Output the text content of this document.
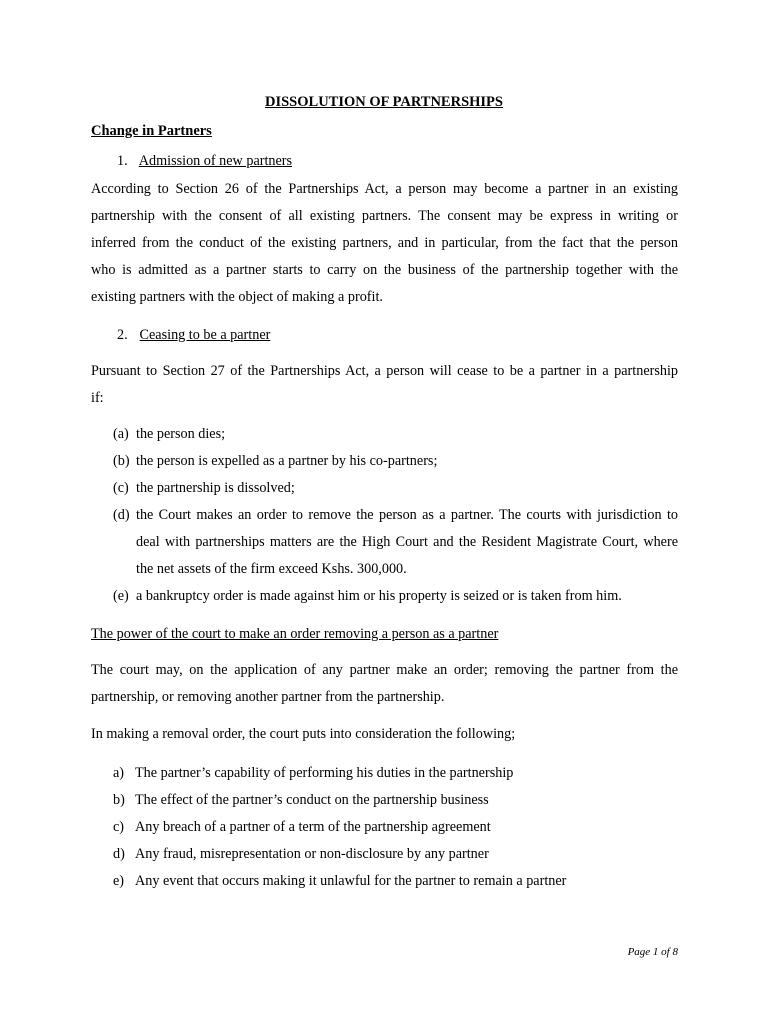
DISSOLUTION OF PARTNERSHIPS
Change in Partners
1. Admission of new partners
According to Section 26 of the Partnerships Act, a person may become a partner in an existing
partnership with the consent of all existing partners. The consent may be express in writing or
inferred from the conduct of the existing partners, and in particular, from the fact that the person
who is admitted as a partner starts to carry on the business of the partnership together with the
existing partners with the object of making a profit.
2. Ceasing to be a partner
Pursuant to Section 27 of the Partnerships Act, a person will cease to be a partner in a partnership
if:
(a) the person dies;
(b) the person is expelled as a partner by his co-partners;
(c) the partnership is dissolved;
(d) the Court makes an order to remove the person as a partner. The courts with jurisdiction to
deal with partnerships matters are the High Court and the Resident Magistrate Court, where
the net assets of the firm exceed Kshs. 300,000.
(e) a bankruptcy order is made against him or his property is seized or is taken from him.
The power of the court to make an order removing a person as a partner
The court may, on the application of any partner make an order; removing the partner from the
partnership, or removing another partner from the partnership.
In making a removal order, the court puts into consideration the following;
a) The partner’s capability of performing his duties in the partnership
b) The effect of the partner’s conduct on the partnership business
c) Any breach of a partner of a term of the partnership agreement
d) Any fraud, misrepresentation or non-disclosure by any partner
e) Any event that occurs making it unlawful for the partner to remain a partner
Page 1 of 8
